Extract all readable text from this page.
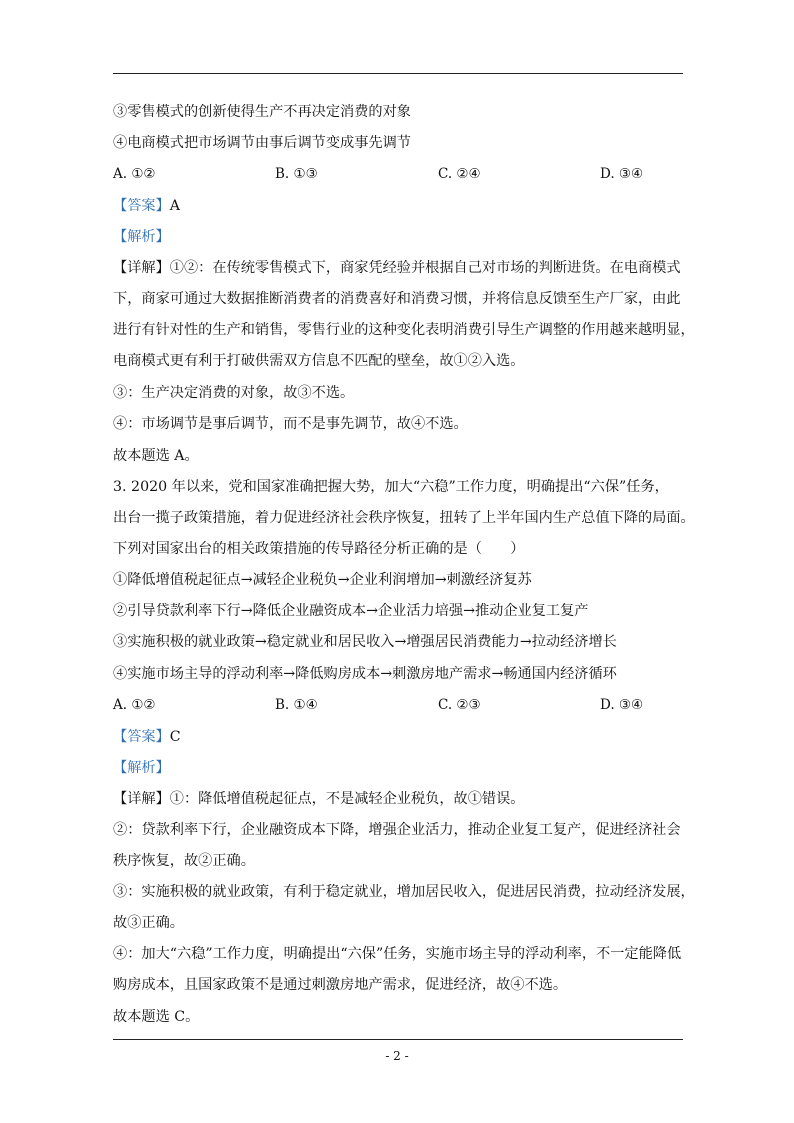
③零售模式的创新使得生产不再决定消费的对象
④电商模式把市场调节由事后调节变成事先调节
A. ①②	B. ①③	C. ②④	D. ③④
【答案】A
【解析】
【详解】①②：在传统零售模式下，商家凭经验并根据自己对市场的判断进货。在电商模式
下，商家可通过大数据推断消费者的消费喜好和消费习惯，并将信息反馈至生产厂家，由此
进行有针对性的生产和销售，零售行业的这种变化表明消费引导生产调整的作用越来越明显，
电商模式更有利于打破供需双方信息不匹配的壁垒，故①②入选。
③：生产决定消费的对象，故③不选。
④：市场调节是事后调节，而不是事先调节，故④不选。
故本题选 A。
3. 2020 年以来，党和国家准确把握大势，加大“六稳”工作力度，明确提出“六保”任务，
出台一揽子政策措施，着力促进经济社会秩序恢复，扭转了上半年国内生产总值下降的局面。
下列对国家出台的相关政策措施的传导路径分析正确的是（　　）
①降低增值税起征点→减轻企业税负→企业利润增加→刺激经济复苏
②引导贷款利率下行→降低企业融资成本→企业活力培强→推动企业复工复产
③实施积极的就业政策→稳定就业和居民收入→增强居民消费能力→拉动经济增长
④实施市场主导的浮动利率→降低购房成本→刺激房地产需求→畅通国内经济循环
A. ①②	B. ①④	C. ②③	D. ③④
【答案】C
【解析】
【详解】①：降低增值税起征点，不是减轻企业税负，故①错误。
②：贷款利率下行，企业融资成本下降，增强企业活力，推动企业复工复产，促进经济社会
秩序恢复，故②正确。
③：实施积极的就业政策，有利于稳定就业，增加居民收入，促进居民消费，拉动经济发展，
故③正确。
④：加大“六稳”工作力度，明确提出“六保”任务，实施市场主导的浮动利率，不一定能降低
购房成本，且国家政策不是通过刺激房地产需求，促进经济，故④不选。
故本题选 C。
- 2 -
